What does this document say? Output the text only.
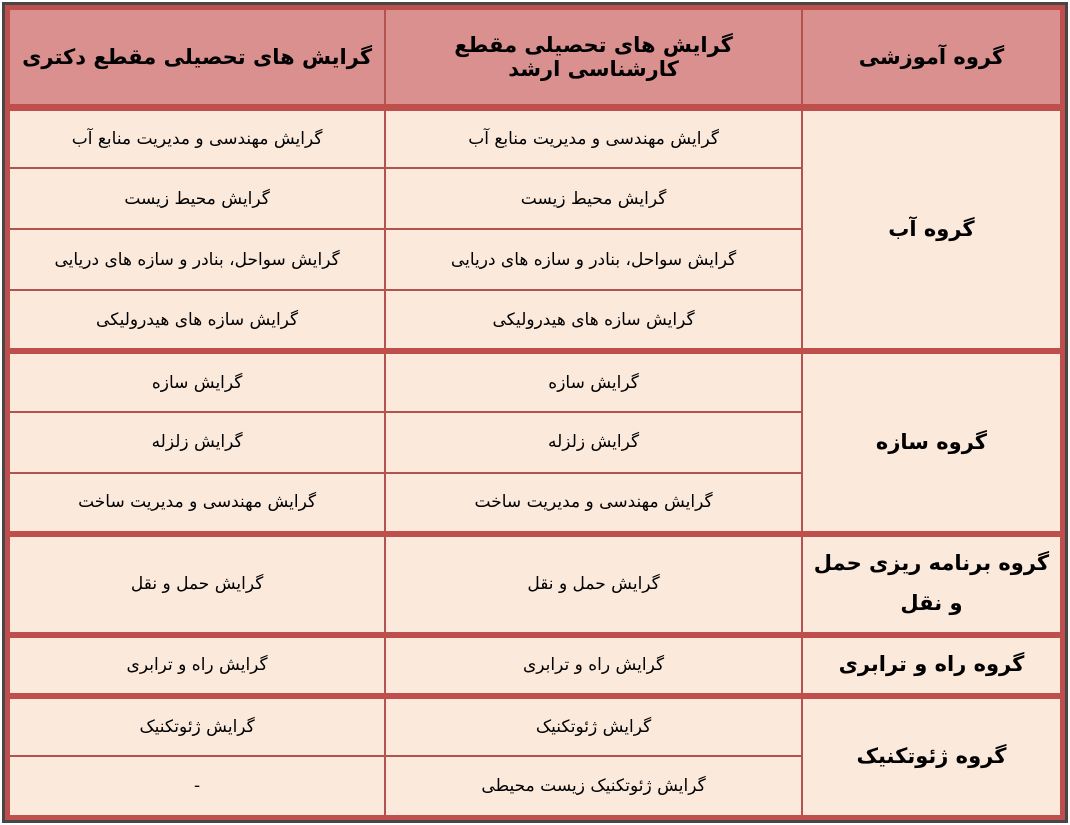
گروه آموزشی	گرایش های تحصیلی مقطع کارشناسی ارشد	گرایش های تحصیلی مقطع دکتری
گروه آب	گرایش مهندسی و مدیریت منابع آب	گرایش مهندسی و مدیریت منابع آب
	گرایش محیط زیست	گرایش محیط زیست
	گرایش سواحل، بنادر و سازه های دریایی	گرایش سواحل، بنادر و سازه های دریایی
	گرایش سازه های هیدرولیکی	گرایش سازه های هیدرولیکی
گروه سازه	گرایش سازه	گرایش سازه
	گرایش زلزله	گرایش زلزله
	گرایش مهندسی و مدیریت ساخت	گرایش مهندسی و مدیریت ساخت
گروه برنامه ریزی حمل و نقل	گرایش حمل و نقل	گرایش حمل و نقل
گروه راه و ترابری	گرایش راه و ترابری	گرایش راه و ترابری
گروه ژئوتکنیک	گرایش ژئوتکنیک	گرایش ژئوتکنیک
	گرایش ژئوتکنیک زیست محیطی	-
